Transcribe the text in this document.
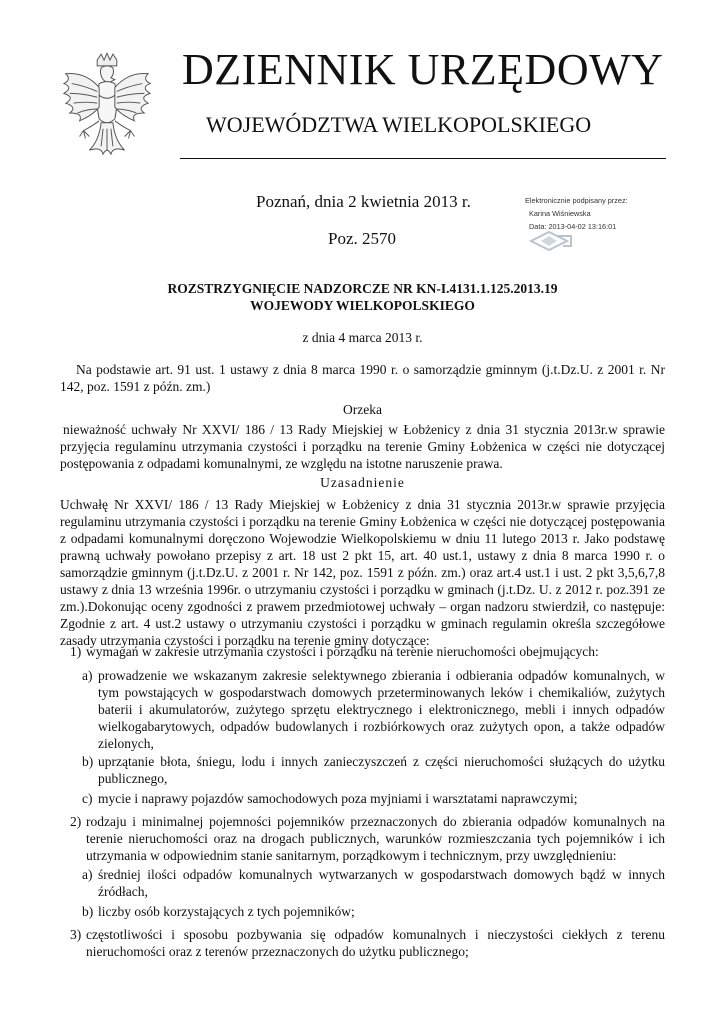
DZIENNIK URZĘDOWY
WOJEWÓDZTWA WIELKOPOLSKIEGO
Poznań, dnia 2 kwietnia 2013 r.
Poz. 2570
Elektronicznie podpisany przez:
Karina Wiśniewska
Data: 2013-04-02 13:16:01
ROZSTRZYGNIĘCIE NADZORCZE NR KN-I.4131.1.125.2013.19
WOJEWODY WIELKOPOLSKIEGO
z dnia 4 marca 2013 r.
Na podstawie art. 91 ust. 1 ustawy z dnia 8 marca 1990 r. o samorządzie gminnym (j.t.Dz.U. z 2001 r. Nr 142, poz. 1591 z późn. zm.)
Orzeka
nieważność uchwały Nr XXVI/ 186 / 13 Rady Miejskiej w Łobżenicy z dnia 31 stycznia 2013r.w sprawie przyjęcia regulaminu utrzymania czystości i porządku na terenie Gminy Łobżenica w części nie dotyczącej postępowania z odpadami komunalnymi, ze względu na istotne naruszenie prawa.
Uzasadnienie
Uchwałę Nr XXVI/ 186 / 13 Rady Miejskiej w Łobżenicy z dnia 31 stycznia 2013r.w sprawie przyjęcia regulaminu utrzymania czystości i porządku na terenie Gminy Łobżenica w części nie dotyczącej postępowania z odpadami komunalnymi doręczono Wojewodzie Wielkopolskiemu w dniu 11 lutego 2013 r. Jako podstawę prawną uchwały powołano przepisy z art. 18 ust 2 pkt 15, art. 40 ust.1, ustawy z dnia 8 marca 1990 r. o samorządzie gminnym (j.t.Dz.U. z 2001 r. Nr 142, poz. 1591 z późn. zm.) oraz art.4 ust.1 i ust. 2 pkt 3,5,6,7,8 ustawy z dnia 13 września 1996r. o utrzymaniu czystości i porządku w gminach (j.t.Dz. U. z 2012 r. poz.391 ze zm.).Dokonując oceny zgodności z prawem przedmiotowej uchwały – organ nadzoru stwierdził, co następuje: Zgodnie z art. 4 ust.2 ustawy o utrzymaniu czystości i porządku w gminach regulamin określa szczegółowe zasady utrzymania czystości i porządku na terenie gminy dotyczące:
1) wymagań w zakresie utrzymania czystości i porządku na terenie nieruchomości obejmujących:
a) prowadzenie we wskazanym zakresie selektywnego zbierania i odbierania odpadów komunalnych, w tym powstających w gospodarstwach domowych przeterminowanych leków i chemikaliów, zużytych baterii i akumulatorów, zużytego sprzętu elektrycznego i elektronicznego, mebli i innych odpadów wielkogabarytowych, odpadów budowlanych i rozbiórkowych oraz zużytych opon, a także odpadów zielonych,
b) uprzątanie błota, śniegu, lodu i innych zanieczyszczeń z części nieruchomości służących do użytku publicznego,
c) mycie i naprawy pojazdów samochodowych poza myjniami i warsztatami naprawczymi;
2) rodzaju i minimalnej pojemności pojemników przeznaczonych do zbierania odpadów komunalnych na terenie nieruchomości oraz na drogach publicznych, warunków rozmieszczania tych pojemników i ich utrzymania w odpowiednim stanie sanitarnym, porządkowym i technicznym, przy uwzględnieniu:
a) średniej ilości odpadów komunalnych wytwarzanych w gospodarstwach domowych bądź w innych źródłach,
b) liczby osób korzystających z tych pojemników;
3) częstotliwości i sposobu pozbywania się odpadów komunalnych i nieczystości ciekłych z terenu nieruchomości oraz z terenów przeznaczonych do użytku publicznego;
